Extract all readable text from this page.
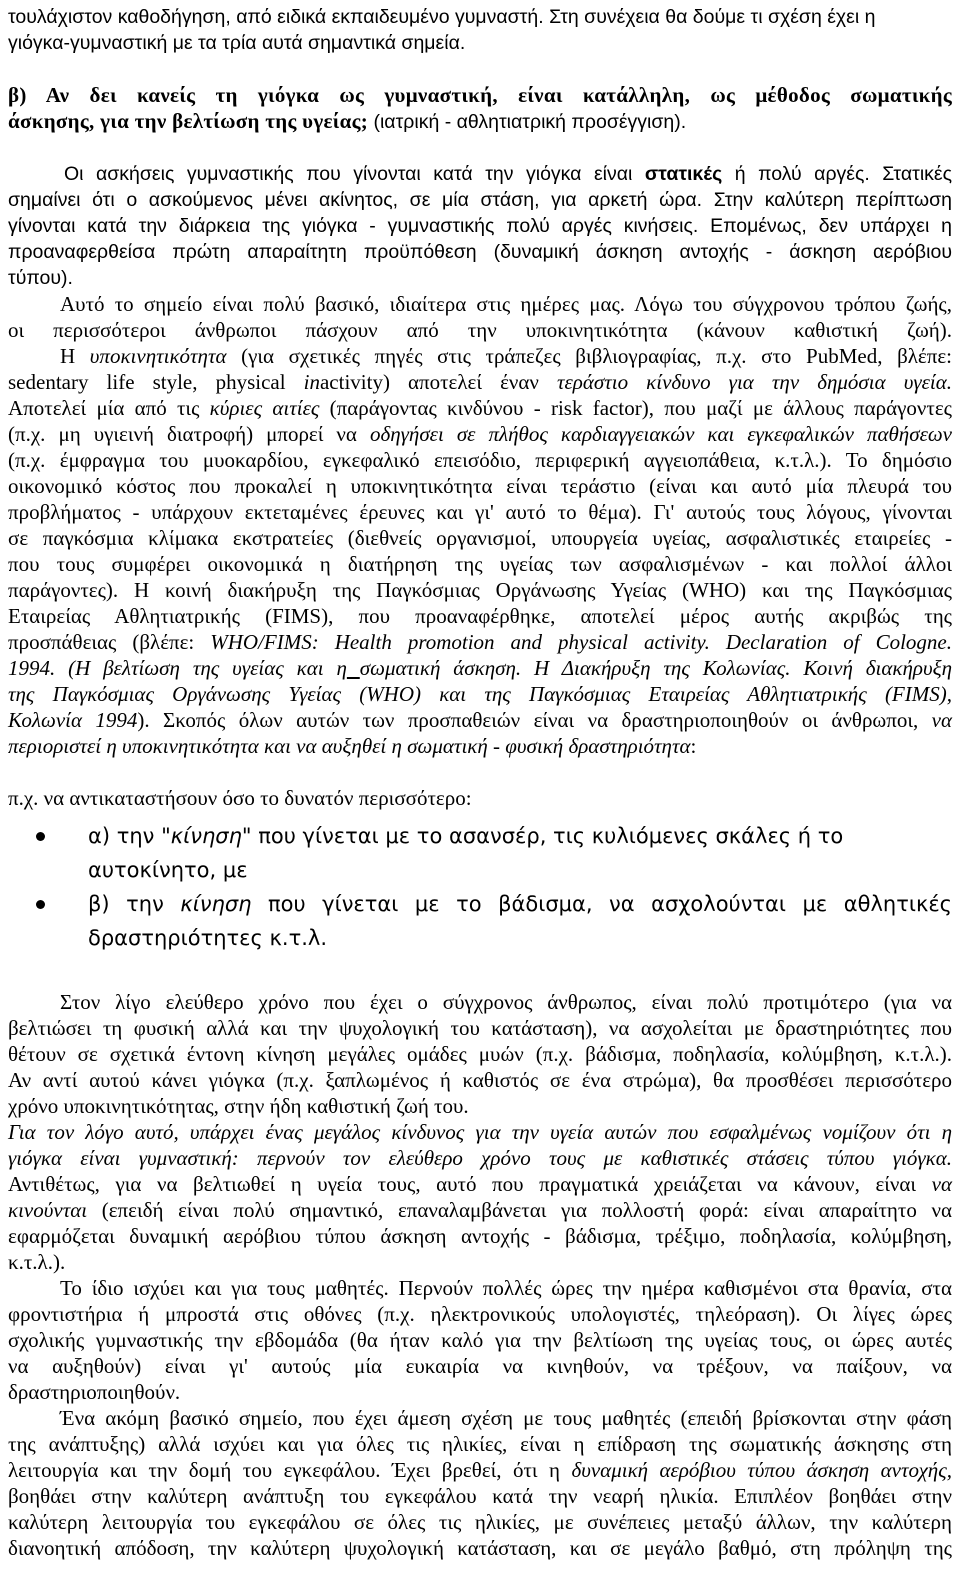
τουλάχιστον καθοδήγηση, από ειδικά εκπαιδευμένο γυμναστή. Στη συνέχεια θα δούμε τι σχέση έχει η
γιόγκα-γυμναστική με τα τρία αυτά σημαντικά σημεία.
β) Αν δει κανείς τη γιόγκα ως γυμναστική, είναι κατάλληλη, ως μέθοδος σωματικής
άσκησης, για την βελτίωση της υγείας; (ιατρική - αθλητιατρική προσέγγιση).
Οι ασκήσεις γυμναστικής που γίνονται κατά την γιόγκα είναι στατικές ή πολύ αργές. Στατικές
σημαίνει ότι ο ασκούμενος μένει ακίνητος, σε μία στάση, για αρκετή ώρα. Στην καλύτερη περίπτωση
γίνονται κατά την διάρκεια της γιόγκα - γυμναστικής πολύ αργές κινήσεις. Επομένως, δεν υπάρχει η
προαναφερθείσα πρώτη απαραίτητη προϋπόθεση (δυναμική άσκηση αντοχής - άσκηση αερόβιου
τύπου).
Αυτό το σημείο είναι πολύ βασικό, ιδιαίτερα στις ημέρες μας. Λόγω του σύγχρονου τρόπου ζωής,
οι περισσότεροι άνθρωποι πάσχουν από την υποκινητικότητα (κάνουν καθιστική ζωή).
Η υποκινητικότητα (για σχετικές πηγές στις τράπεζες βιβλιογραφίας, π.χ. στο PubMed, βλέπε:
sedentary life style, physical inactivity) αποτελεί έναν τεράστιο κίνδυνο για την δημόσια υγεία.
Αποτελεί μία από τις κύριες αιτίες (παράγοντας κινδύνου - risk factor), που μαζί με άλλους παράγοντες
(π.χ. μη υγιεινή διατροφή) μπορεί να οδηγήσει σε πλήθος καρδιαγγειακών και εγκεφαλικών παθήσεων
(π.χ. έμφραγμα του μυοκαρδίου, εγκεφαλικό επεισόδιο, περιφερική αγγειοπάθεια, κ.τ.λ.). Το δημόσιο
οικονομικό κόστος που προκαλεί η υποκινητικότητα είναι τεράστιο (είναι και αυτό μία πλευρά του
προβλήματος - υπάρχουν εκτεταμένες έρευνες και γι' αυτό το θέμα). Γι' αυτούς τους λόγους, γίνονται
σε παγκόσμια κλίμακα εκστρατείες (διεθνείς οργανισμοί, υπουργεία υγείας, ασφαλιστικές εταιρείες -
που τους συμφέρει οικονομικά η διατήρηση της υγείας των ασφαλισμένων - και πολλοί άλλοι
παράγοντες). Η κοινή διακήρυξη της Παγκόσμιας Οργάνωσης Υγείας (WHO) και της Παγκόσμιας
Εταιρείας Αθλητιατρικής (FIMS), που προαναφέρθηκε, αποτελεί μέρος αυτής ακριβώς της
προσπάθειας (βλέπε: WHO/FIMS: Health promotion and physical activity. Declaration of Cologne.
1994. (Η βελτίωση της υγείας και η σωματική άσκηση. Η Διακήρυξη της Κολωνίας. Κοινή διακήρυξη
της Παγκόσμιας Οργάνωσης Υγείας (WHO) και της Παγκόσμιας Εταιρείας Αθλητιατρικής (FIMS),
Κολωνία 1994). Σκοπός όλων αυτών των προσπαθειών είναι να δραστηριοποιηθούν οι άνθρωποι, να
περιοριστεί η υποκινητικότητα και να αυξηθεί η σωματική - φυσική δραστηριότητα:
π.χ. να αντικαταστήσουν όσο το δυνατόν περισσότερο:
α) την "κίνηση" που γίνεται με το ασανσέρ, τις κυλιόμενες σκάλες ή το αυτοκίνητο, με
β) την κίνηση που γίνεται με το βάδισμα, να ασχολούνται με αθλητικές
δραστηριότητες κ.τ.λ.
Στον λίγο ελεύθερο χρόνο που έχει ο σύγχρονος άνθρωπος, είναι πολύ προτιμότερο (για να
βελτιώσει τη φυσική αλλά και την ψυχολογική του κατάσταση), να ασχολείται με δραστηριότητες που
θέτουν σε σχετικά έντονη κίνηση μεγάλες ομάδες μυών (π.χ. βάδισμα, ποδηλασία, κολύμβηση, κ.τ.λ.).
Αν αντί αυτού κάνει γιόγκα (π.χ. ξαπλωμένος ή καθιστός σε ένα στρώμα), θα προσθέσει περισσότερο
χρόνο υποκινητικότητας, στην ήδη καθιστική ζωή του.
Για τον λόγο αυτό, υπάρχει ένας μεγάλος κίνδυνος για την υγεία αυτών που εσφαλμένως νομίζουν ότι η
γιόγκα είναι γυμναστική: περνούν τον ελεύθερο χρόνο τους με καθιστικές στάσεις τύπου γιόγκα.
Αντιθέτως, για να βελτιωθεί η υγεία τους, αυτό που πραγματικά χρειάζεται να κάνουν, είναι να
κινούνται (επειδή είναι πολύ σημαντικό, επαναλαμβάνεται για πολλοστή φορά: είναι απαραίτητο να
εφαρμόζεται δυναμική αερόβιου τύπου άσκηση αντοχής - βάδισμα, τρέξιμο, ποδηλασία, κολύμβηση,
κ.τ.λ.).
Το ίδιο ισχύει και για τους μαθητές. Περνούν πολλές ώρες την ημέρα καθισμένοι στα θρανία, στα
φροντιστήρια ή μπροστά στις οθόνες (π.χ. ηλεκτρονικούς υπολογιστές, τηλεόραση). Οι λίγες ώρες
σχολικής γυμναστικής την εβδομάδα (θα ήταν καλό για την βελτίωση της υγείας τους, οι ώρες αυτές
να αυξηθούν) είναι γι' αυτούς μία ευκαιρία να κινηθούν, να τρέξουν, να παίξουν, να
δραστηριοποιηθούν.
Ένα ακόμη βασικό σημείο, που έχει άμεση σχέση με τους μαθητές (επειδή βρίσκονται στην φάση
της ανάπτυξης) αλλά ισχύει και για όλες τις ηλικίες, είναι η επίδραση της σωματικής άσκησης στη
λειτουργία και την δομή του εγκεφάλου. Έχει βρεθεί, ότι η δυναμική αερόβιου τύπου άσκηση αντοχής,
βοηθάει στην καλύτερη ανάπτυξη του εγκεφάλου κατά την νεαρή ηλικία. Επιπλέον βοηθάει στην
καλύτερη λειτουργία του εγκεφάλου σε όλες τις ηλικίες, με συνέπειες μεταξύ άλλων, την καλύτερη
διανοητική απόδοση, την καλύτερη ψυχολογική κατάσταση, και σε μεγάλο βαθμό, στη πρόληψη της
